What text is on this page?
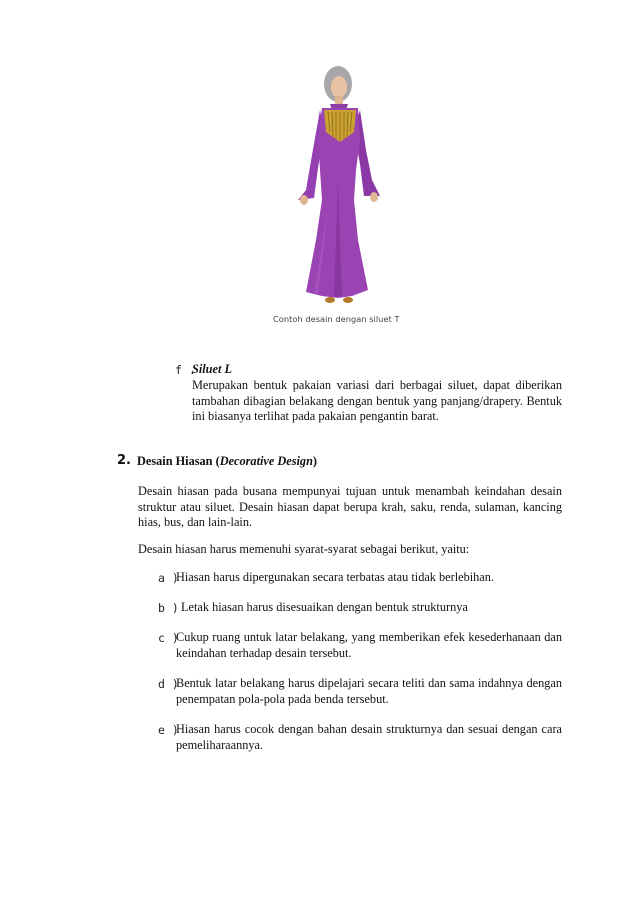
Contoh desain dengan siluet T
f .
Siluet L
Merupakan bentuk pakaian variasi dari berbagai siluet, dapat diberikan tambahan dibagian belakang dengan bentuk yang panjang/drapery. Bentuk ini biasanya terlihat pada pakaian pengantin barat.
2. Desain Hiasan (Decorative Design)
Desain hiasan pada busana mempunyai tujuan untuk menambah keindahan desain struktur atau siluet. Desain hiasan dapat berupa krah, saku, renda, sulaman, kancing hias, bus, dan lain-lain.
Desain hiasan harus memenuhi syarat-syarat sebagai berikut, yaitu:
a )
Hiasan harus dipergunakan secara terbatas atau tidak berlebihan.
b ) Letak hiasan harus disesuaikan dengan bentuk strukturnya
c )
Cukup ruang untuk latar belakang, yang memberikan efek kesederhanaan dan keindahan terhadap desain tersebut.
d )
Bentuk latar belakang harus dipelajari secara teliti dan sama indahnya dengan penempatan pola-pola pada benda tersebut.
e )
Hiasan harus cocok dengan bahan desain strukturnya dan sesuai dengan cara pemeliharaannya.
